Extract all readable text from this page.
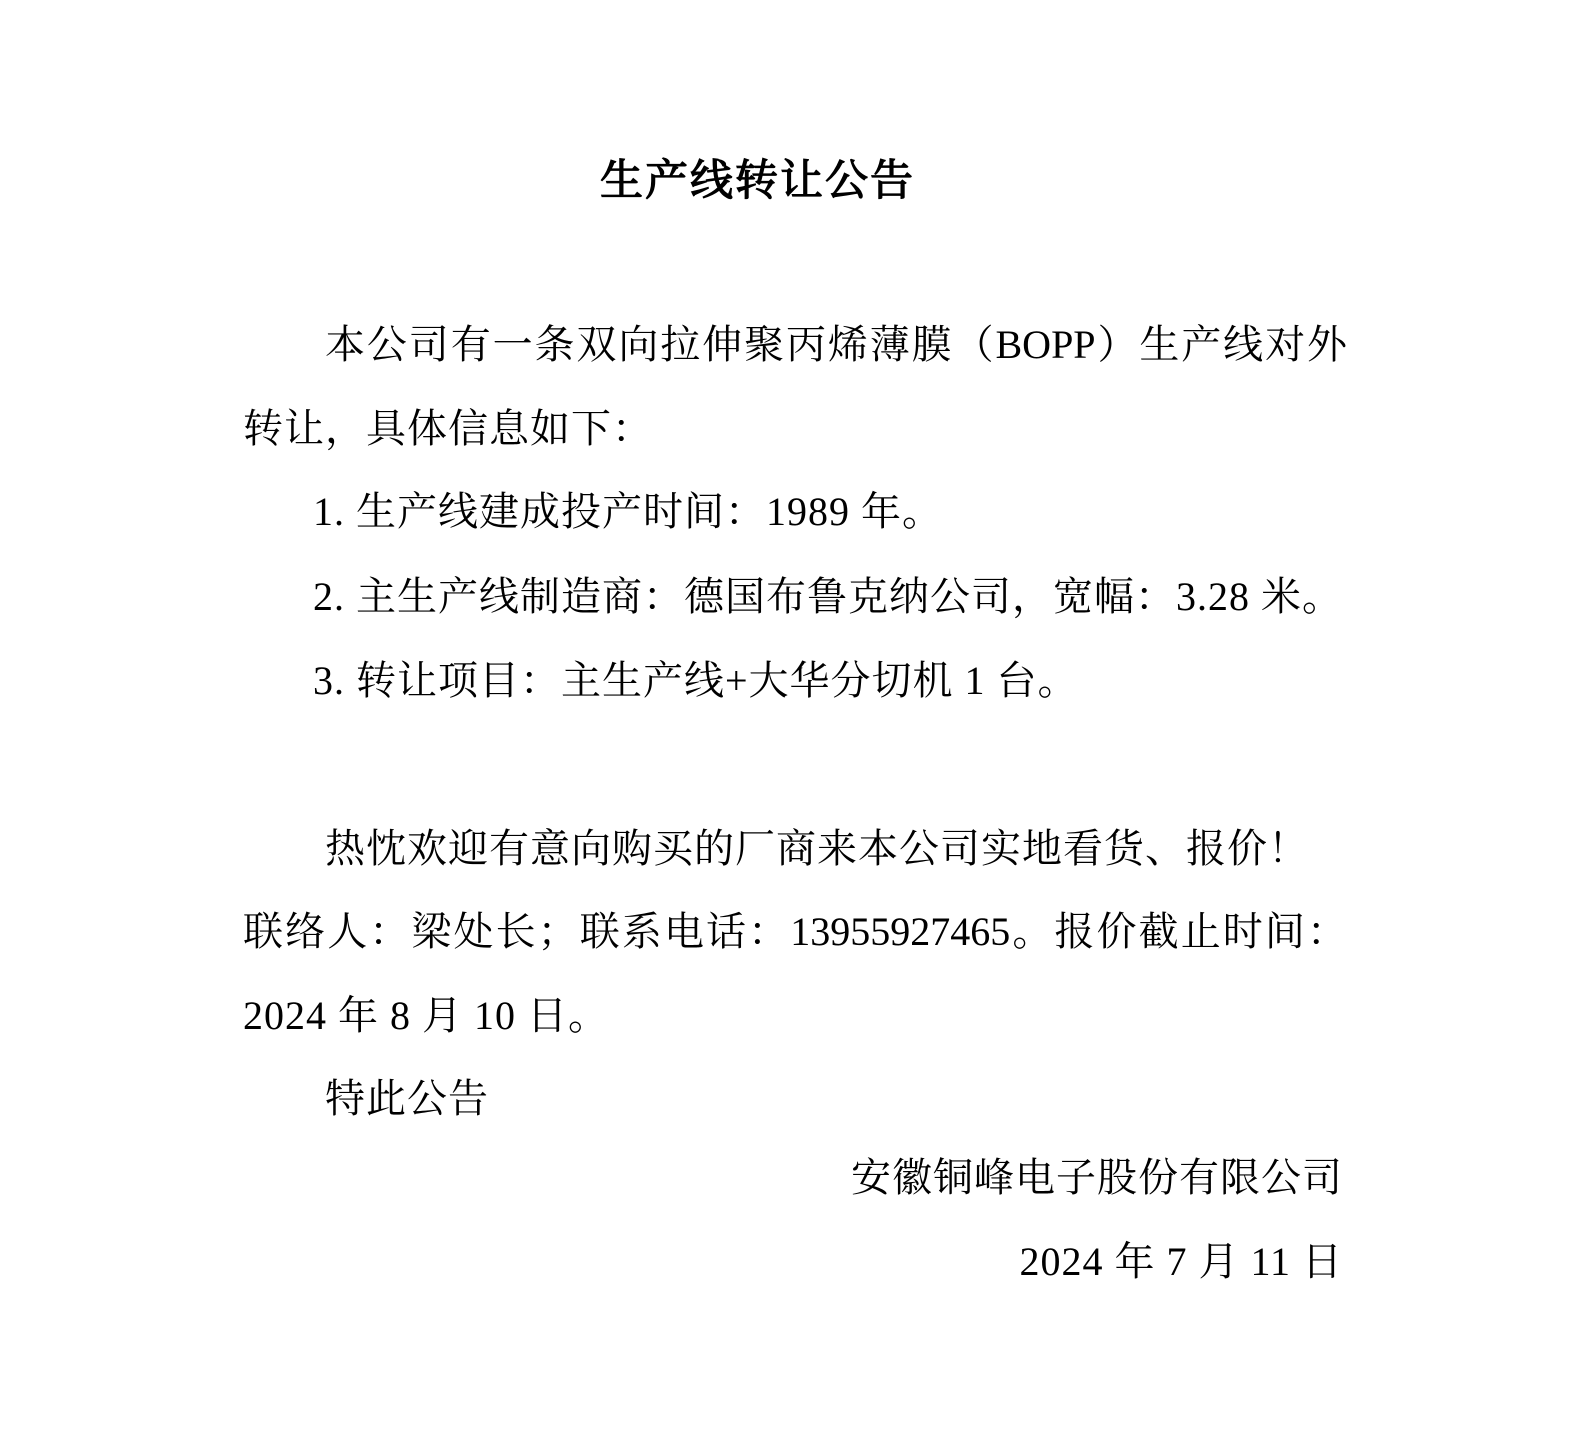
生产线转让公告
本公司有一条双向拉伸聚丙烯薄膜（BOPP）生产线对外
转让，具体信息如下：
1. 生产线建成投产时间：1989 年。
2. 主生产线制造商：德国布鲁克纳公司，宽幅：3.28 米。
3. 转让项目：主生产线+大华分切机 1 台。
热忱欢迎有意向购买的厂商来本公司实地看货、报价！
联络人：梁处长；联系电话：13955927465。报价截止时间：
2024 年 8 月 10 日。
特此公告
安徽铜峰电子股份有限公司
2024 年 7 月 11 日
